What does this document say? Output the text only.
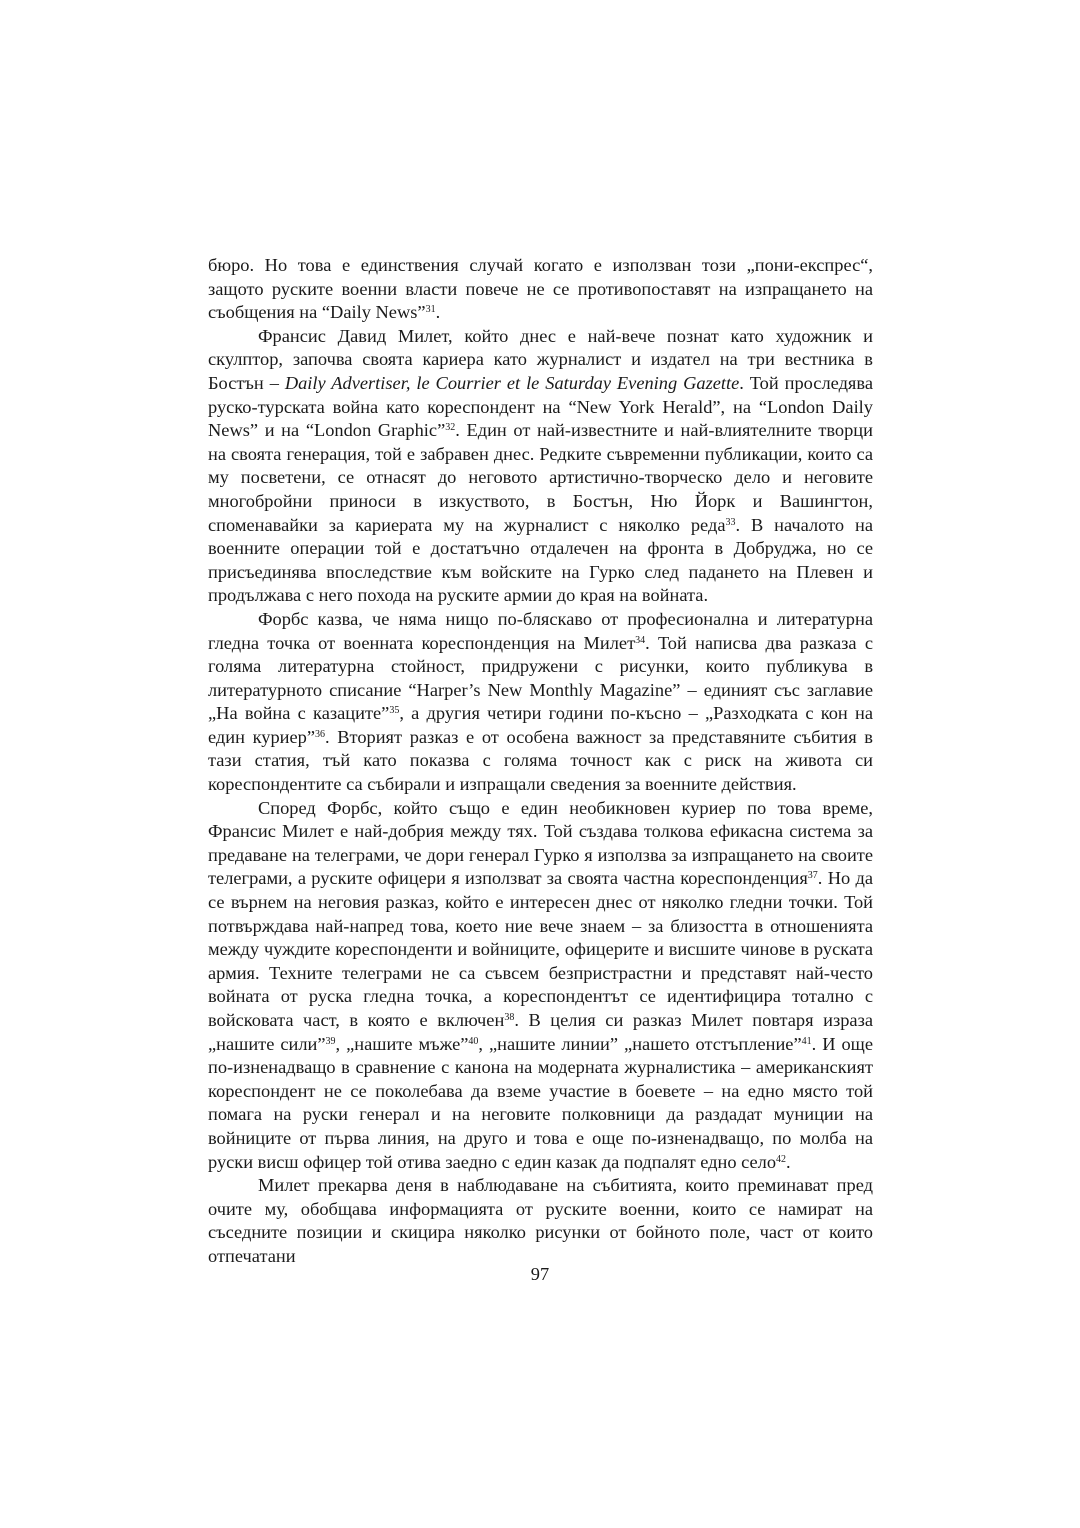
бюро. Но това е единствения случай когато е използван този „пони-експрес“, защото руските военни власти повече не се противопоставят на изпращането на съобщения на “Daily News”$^{31}$.

Франсис Давид Милет, който днес е най-вече познат като художник и скулптор, започва своята кариера като журналист и издател на три вестника в Бостън – Daily Advertiser, le Courrier et le Saturday Evening Gazette. Той проследява руско-турската война като кореспондент на “New York Herald”, на “London Daily News” и на “London Graphic”$^{32}$. Един от най-известните и най-влиятелните творци на своята генерация, той е забравен днес. Редките съвременни публикации, които са му посветени, се отнасят до неговото артистично-творческо дело и неговите многобройни приноси в изкуството, в Бостън, Ню Йорк и Вашингтон, споменавайки за кариерата му на журналист с няколко реда$^{33}$. В началото на военните операции той е достатъчно отдалечен на фронта в Добруджа, но се присъединява впоследствие към войските на Гурко след падането на Плевен и продължава с него похода на руските армии до края на войната.

Форбс казва, че няма нищо по-бляскаво от професионална и литературна гледна точка от военната кореспонденция на Милет$^{34}$. Той написва два разказа с голяма литературна стойност, придружени с рисунки, които публикува в литературното списание “Harper’s New Monthly Magazine” – единият със заглавие „На война с казаците”$^{35}$, а другия четири години по-късно – „Разходката с кон на един куриер”$^{36}$. Вторият разказ е от особена важност за представяните събития в тази статия, тъй като показва с голяма точност как с риск на живота си кореспондентите са събирали и изпращали сведения за военните действия.

Според Форбс, който също е един необикновен куриер по това време, Франсис Милет е най-добрия между тях. Той създава толкова ефикасна система за предаване на телеграми, че дори генерал Гурко я използва за изпращането на своите телеграми, а руските офицери я използват за своята частна кореспонденция$^{37}$. Но да се върнем на неговия разказ, който е интересен днес от няколко гледни точки. Той потвърждава най-напред това, което ние вече знаем – за близостта в отношенията между чуждите кореспонденти и войниците, офицерите и висшите чинове в руската армия. Техните телеграми не са съвсем безпристрастни и представят най-често войната от руска гледна точка, а кореспондентът се идентифицира тотално с войсковата част, в която е включен$^{38}$. В целия си разказ Милет повтаря израза „нашите сили”$^{39}$, „нашите мъже”$^{40}$, „нашите линии” „нашето отстъпление”$^{41}$. И още по-изненадващо в сравнение с канона на модерната журналистика – американският кореспондент не се поколебава да вземе участие в боевете – на едно място той помага на руски генерал и на неговите полковници да раздадат муниции на войниците от първа линия, на друго и това е още по-изненадващо, по молба на руски висш офицер той отива заедно с един казак да подпалят едно село$^{42}$.

Милет прекарва деня в наблюдаване на събитията, които преминават пред очите му, обобщава информацията от руските военни, които се намират на съседните позиции и скицира няколко рисунки от бойното поле, част от които отпечатани

97
